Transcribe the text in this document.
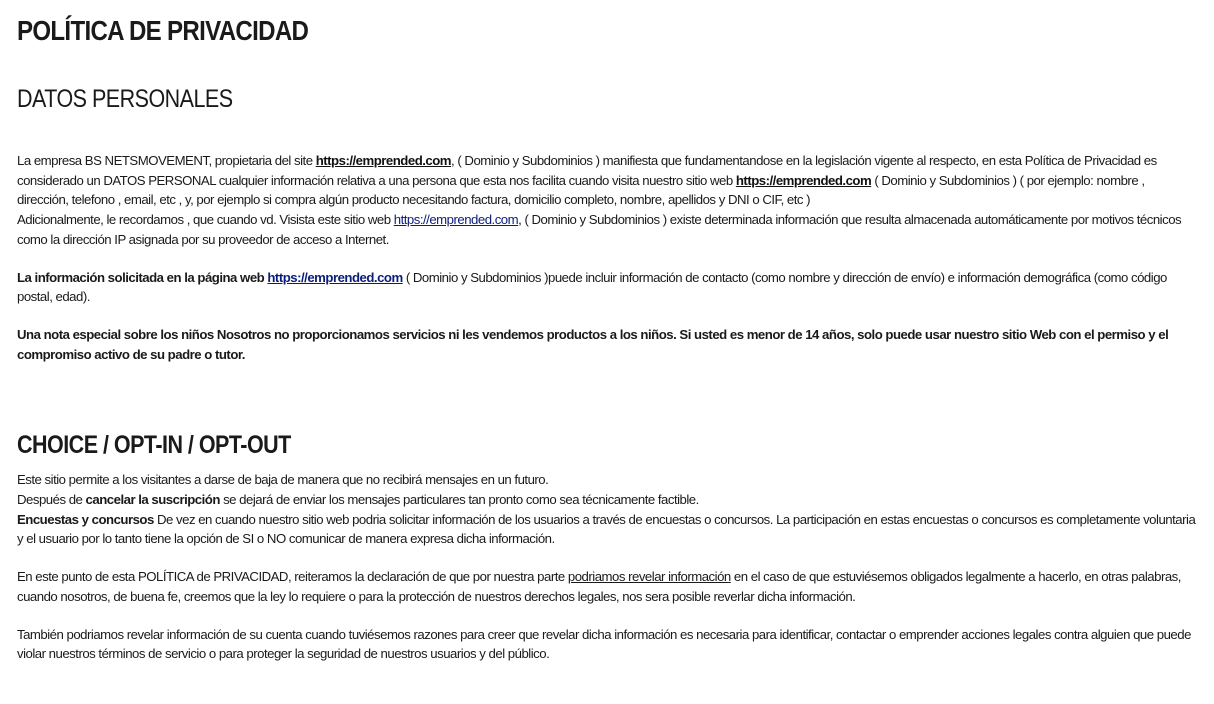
POLÍTICA DE PRIVACIDAD
DATOS PERSONALES

La empresa BS NETSMOVEMENT, propietaria del site https://emprended.com, ( Dominio y Subdominios ) manifiesta que fundamentandose en la legislación vigente al respecto, en esta Política de Privacidad es considerado un DATOS PERSONAL cualquier información relativa a una persona que esta nos facilita cuando visita nuestro sitio web https://emprended.com ( Dominio y Subdominios ) ( por ejemplo: nombre , dirección, telefono , email, etc , y, por ejemplo si compra algún producto necesitando factura, domicilio completo, nombre, apellidos y DNI o CIF, etc )
Adicionalmente, le recordamos , que cuando vd. Visista este sitio web https://emprended.com, ( Dominio y Subdominios ) existe determinada información que resulta almacenada automáticamente por motivos técnicos como la dirección IP asignada por su proveedor de acceso a Internet.

La información solicitada en la página web https://emprended.com ( Dominio y Subdominios )puede incluir información de contacto (como nombre y dirección de envío) e información demográfica (como código postal, edad).

Una nota especial sobre los niños Nosotros no proporcionamos servicios ni les vendemos productos a los niños. Si usted es menor de 14 años, solo puede usar nuestro sitio Web con el permiso y el compromiso activo de su padre o tutor.

CHOICE / OPT-IN / OPT-OUT

Este sitio permite a los visitantes a darse de baja de manera que no recibirá mensajes en un futuro.
Después de cancelar la suscripción se dejará de enviar los mensajes particulares tan pronto como sea técnicamente factible.
Encuestas y concursos De vez en cuando nuestro sitio web podria solicitar información de los usuarios a través de encuestas o concursos. La participación en estas encuestas o concursos es completamente voluntaria y el usuario por lo tanto tiene la opción de SI o NO comunicar de manera expresa dicha información.

En este punto de esta POLÍTICA de PRIVACIDAD, reiteramos la declaración de que por nuestra parte podriamos revelar información en el caso de que estuviésemos obligados legalmente a hacerlo, en otras palabras, cuando nosotros, de buena fe, creemos que la ley lo requiere o para la protección de nuestros derechos legales, nos sera posible reverlar dicha información.

También podriamos revelar información de su cuenta cuando tuviésemos razones para creer que revelar dicha información es necesaria para identificar, contactar o emprender acciones legales contra alguien que puede violar nuestros términos de servicio o para proteger la seguridad de nuestros usuarios y del público.
